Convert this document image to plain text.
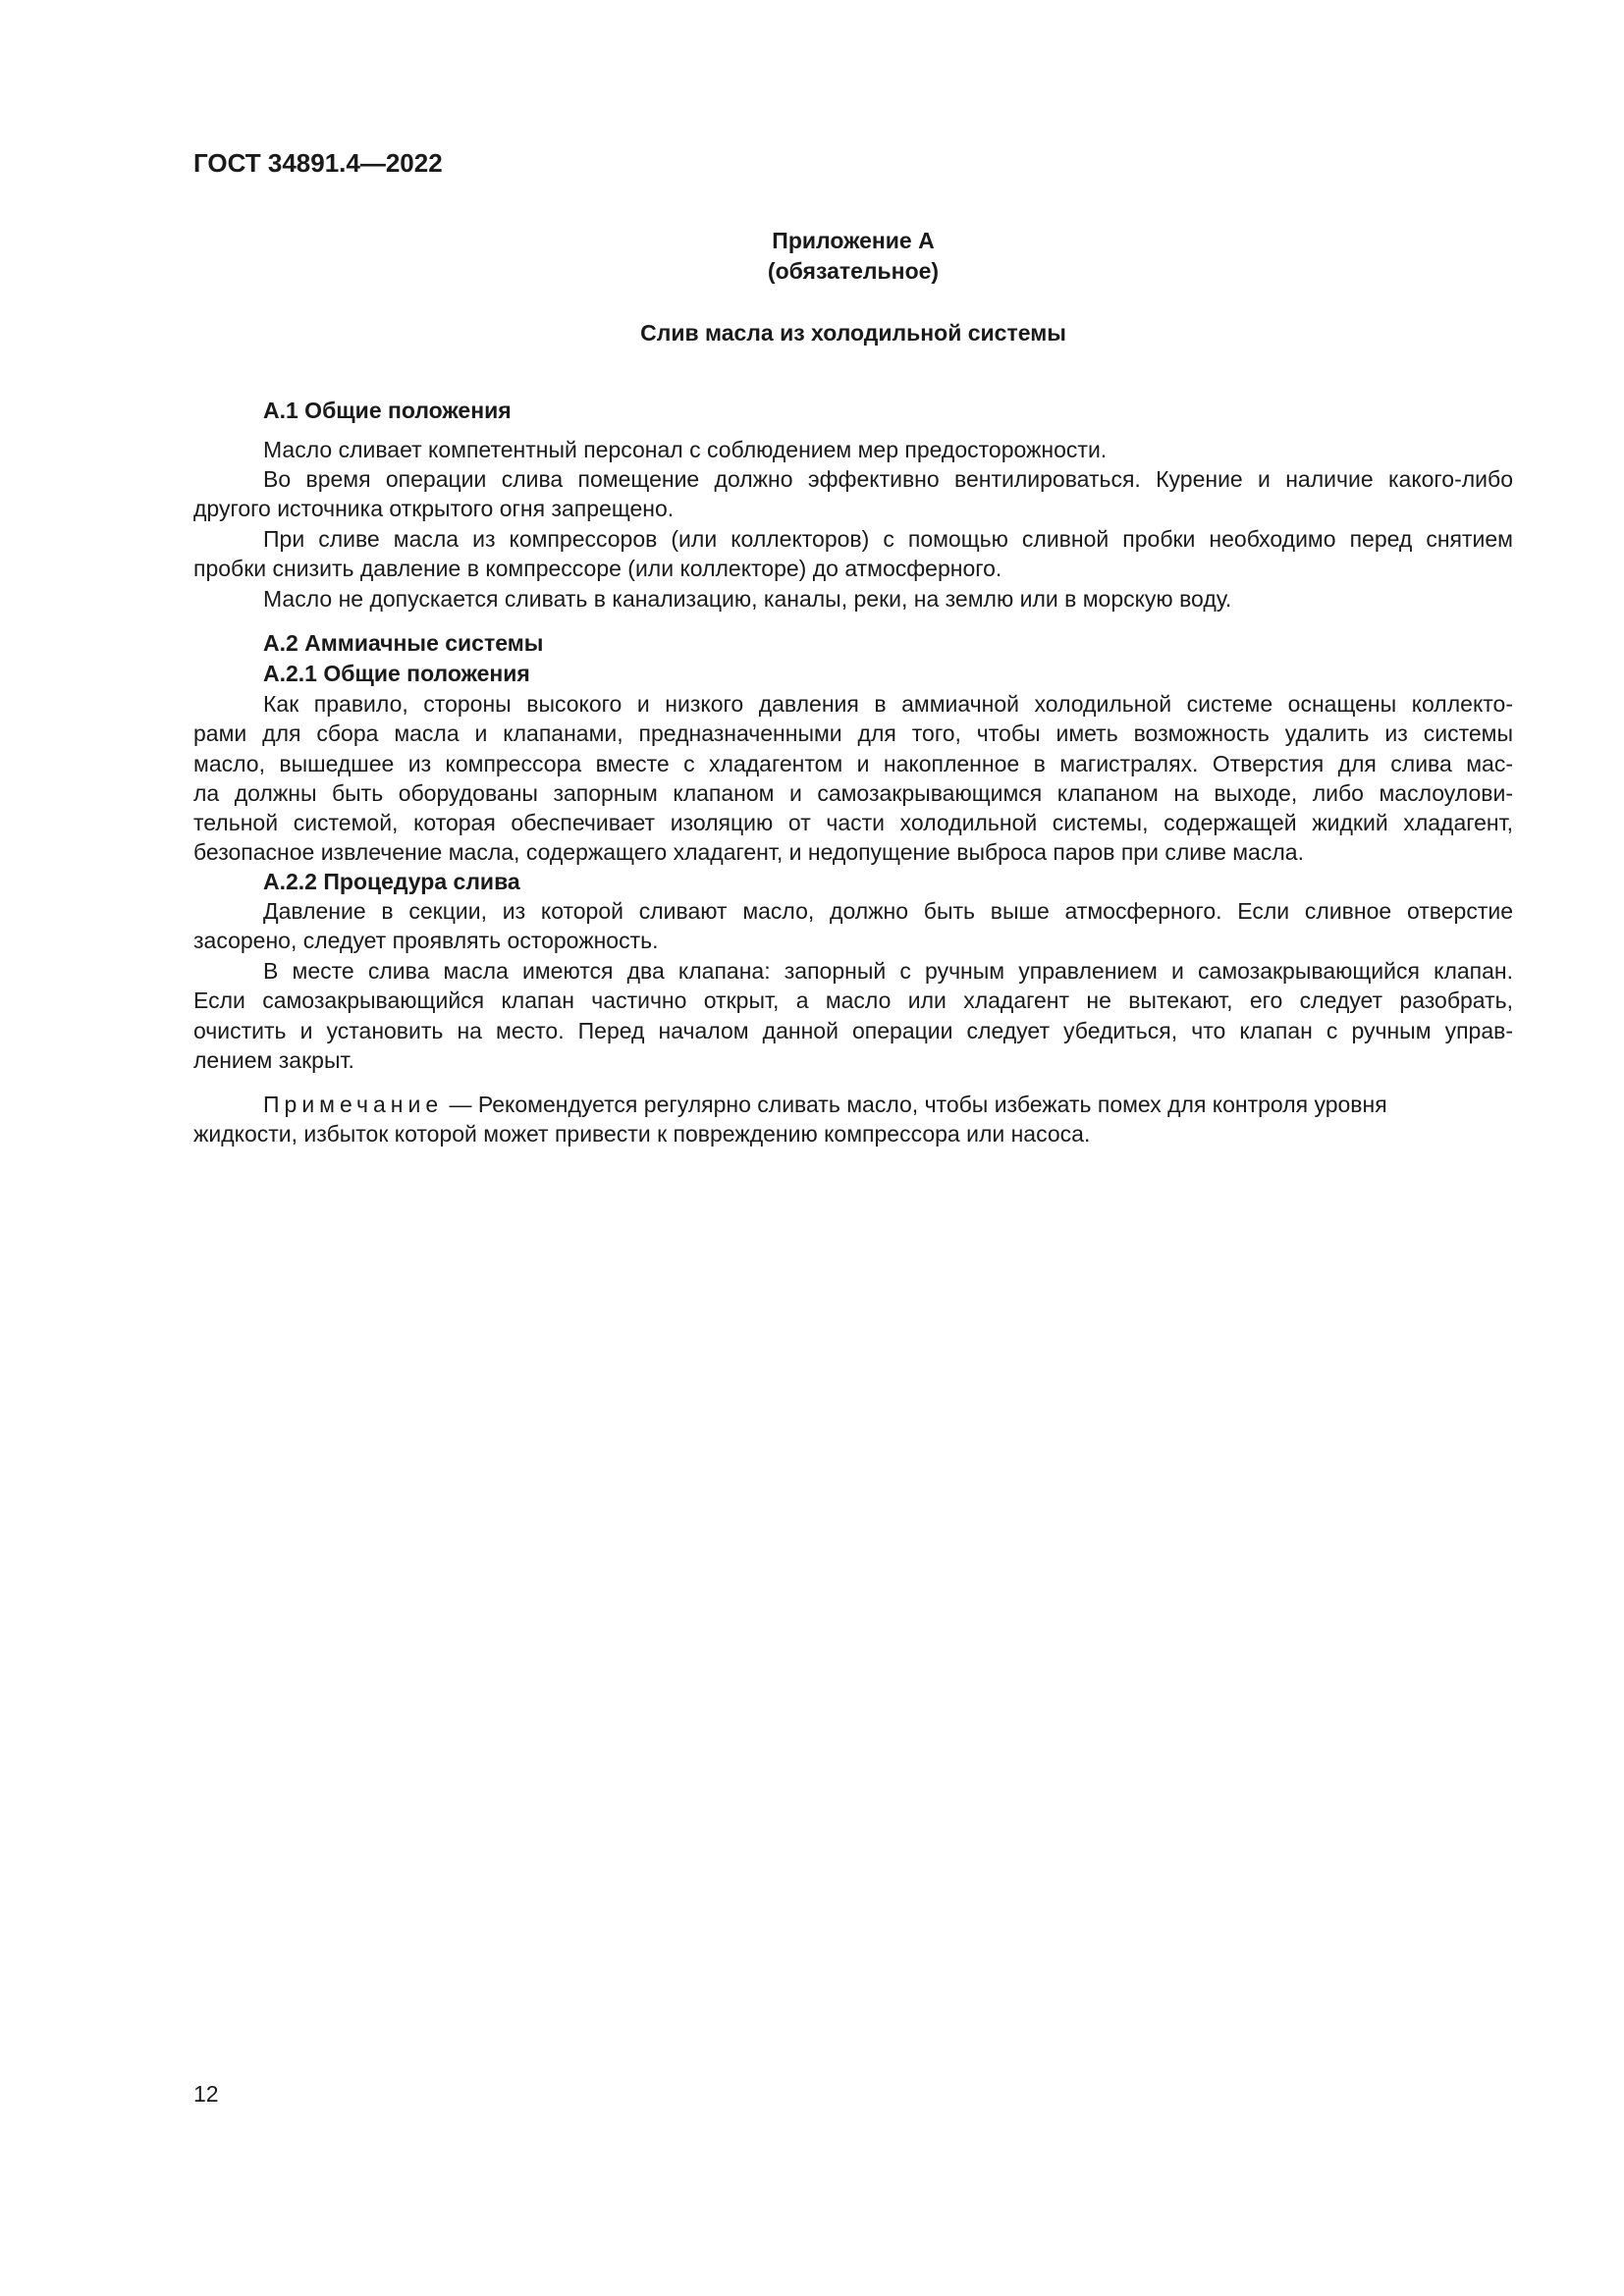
ГОСТ 34891.4—2022
Приложение А
(обязательное)
Слив масла из холодильной системы
А.1 Общие положения
Масло сливает компетентный персонал с соблюдением мер предосторожности.
Во время операции слива помещение должно эффективно вентилироваться. Курение и наличие какого-либо
другого источника открытого огня запрещено.
При сливе масла из компрессоров (или коллекторов) с помощью сливной пробки необходимо перед снятием
пробки снизить давление в компрессоре (или коллекторе) до атмосферного.
Масло не допускается сливать в канализацию, каналы, реки, на землю или в морскую воду.
А.2 Аммиачные системы
А.2.1 Общие положения
Как правило, стороны высокого и низкого давления в аммиачной холодильной системе оснащены коллекто-
рами для сбора масла и клапанами, предназначенными для того, чтобы иметь возможность удалить из системы
масло, вышедшее из компрессора вместе с хладагентом и накопленное в магистралях. Отверстия для слива мас-
ла должны быть оборудованы запорным клапаном и самозакрывающимся клапаном на выходе, либо маслоулови-
тельной системой, которая обеспечивает изоляцию от части холодильной системы, содержащей жидкий хладагент,
безопасное извлечение масла, содержащего хладагент, и недопущение выброса паров при сливе масла.
А.2.2 Процедура слива
Давление в секции, из которой сливают масло, должно быть выше атмосферного. Если сливное отверстие
засорено, следует проявлять осторожность.
В месте слива масла имеются два клапана: запорный с ручным управлением и самозакрывающийся клапан.
Если самозакрывающийся клапан частично открыт, а масло или хладагент не вытекают, его следует разобрать,
очистить и установить на место. Перед началом данной операции следует убедиться, что клапан с ручным управ-
лением закрыт.
Примечание — Рекомендуется регулярно сливать масло, чтобы избежать помех для контроля уровня
жидкости, избыток которой может привести к повреждению компрессора или насоса.
12
